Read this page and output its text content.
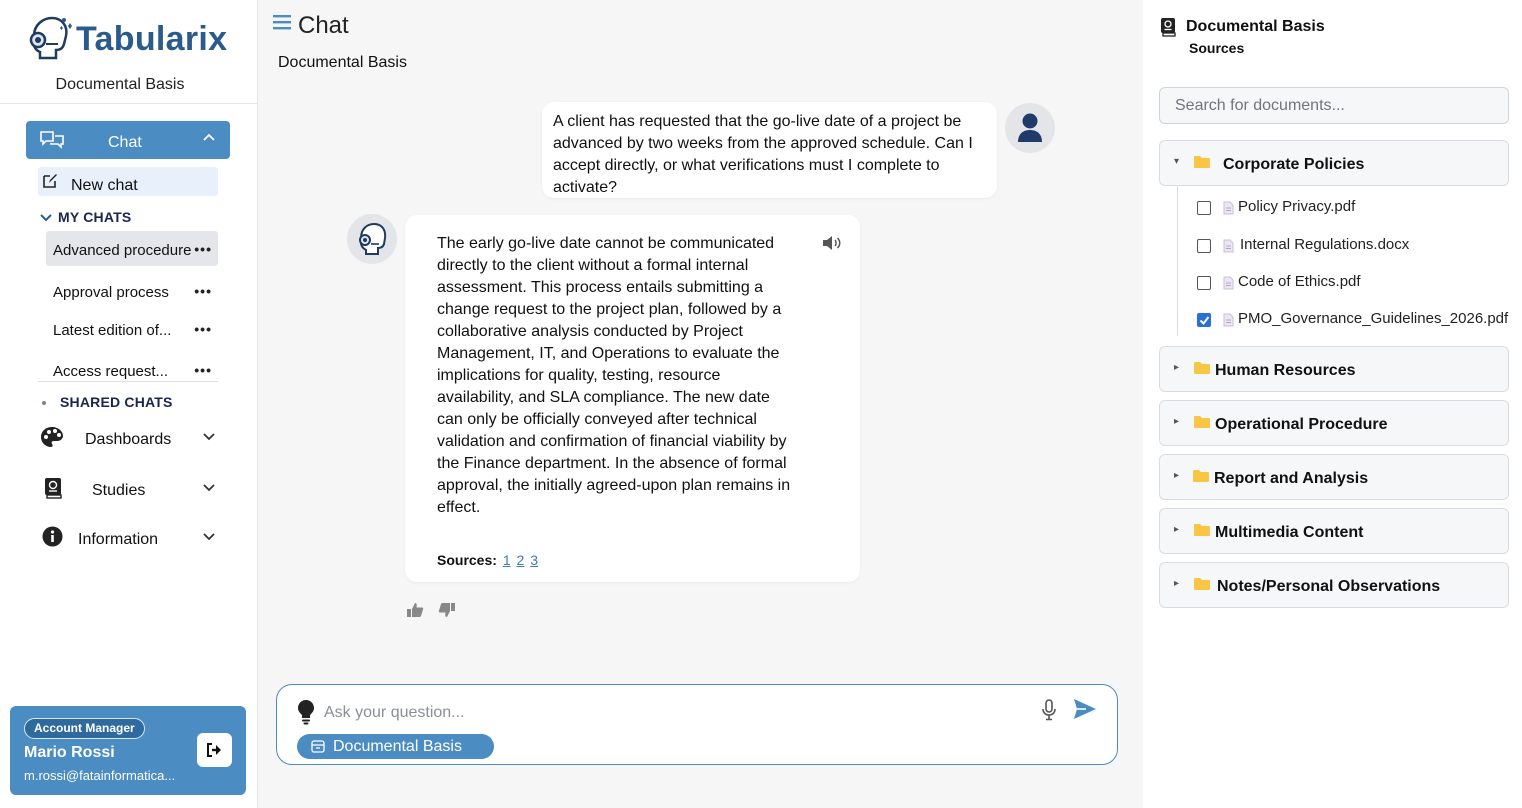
Tabularix
Documental Basis
Chat
New chat
MY CHATS
Advanced procedure •••
Approval process	•••
Latest edition of...	•••
Access request...	•••
SHARED CHATS
Dashboards
Studies
Information
Account Manager
Mario Rossi
m.rossi@fatainformatica...
Chat
Documental Basis

A client has requested that the go-live date of a project be advanced by two weeks from the approved schedule. Can I accept directly, or what verifications must I complete to activate?

The early go-live date cannot be communicated directly to the client without a formal internal assessment. This process entails submitting a change request to the project plan, followed by a collaborative analysis conducted by Project Management, IT, and Operations to evaluate the implications for quality, testing, resource availability, and SLA compliance. The new date can only be officially conveyed after technical validation and confirmation of financial viability by the Finance department. In the absence of formal approval, the initially agreed-upon plan remains in effect.

Sources: 1 2 3

Ask your question...
Documental Basis
Documental Basis
Sources
Search for documents...
▾	Corporate Policies
▸ Human Resources
▸ Operational Procedure
▸ Report and Analysis
▸ Multimedia Content
▸ Notes/Personal Observations
Policy Privacy.pdf
Internal Regulations.docx
Code of Ethics.pdf
PMO_Governance_Guidelines_2026.pdf
